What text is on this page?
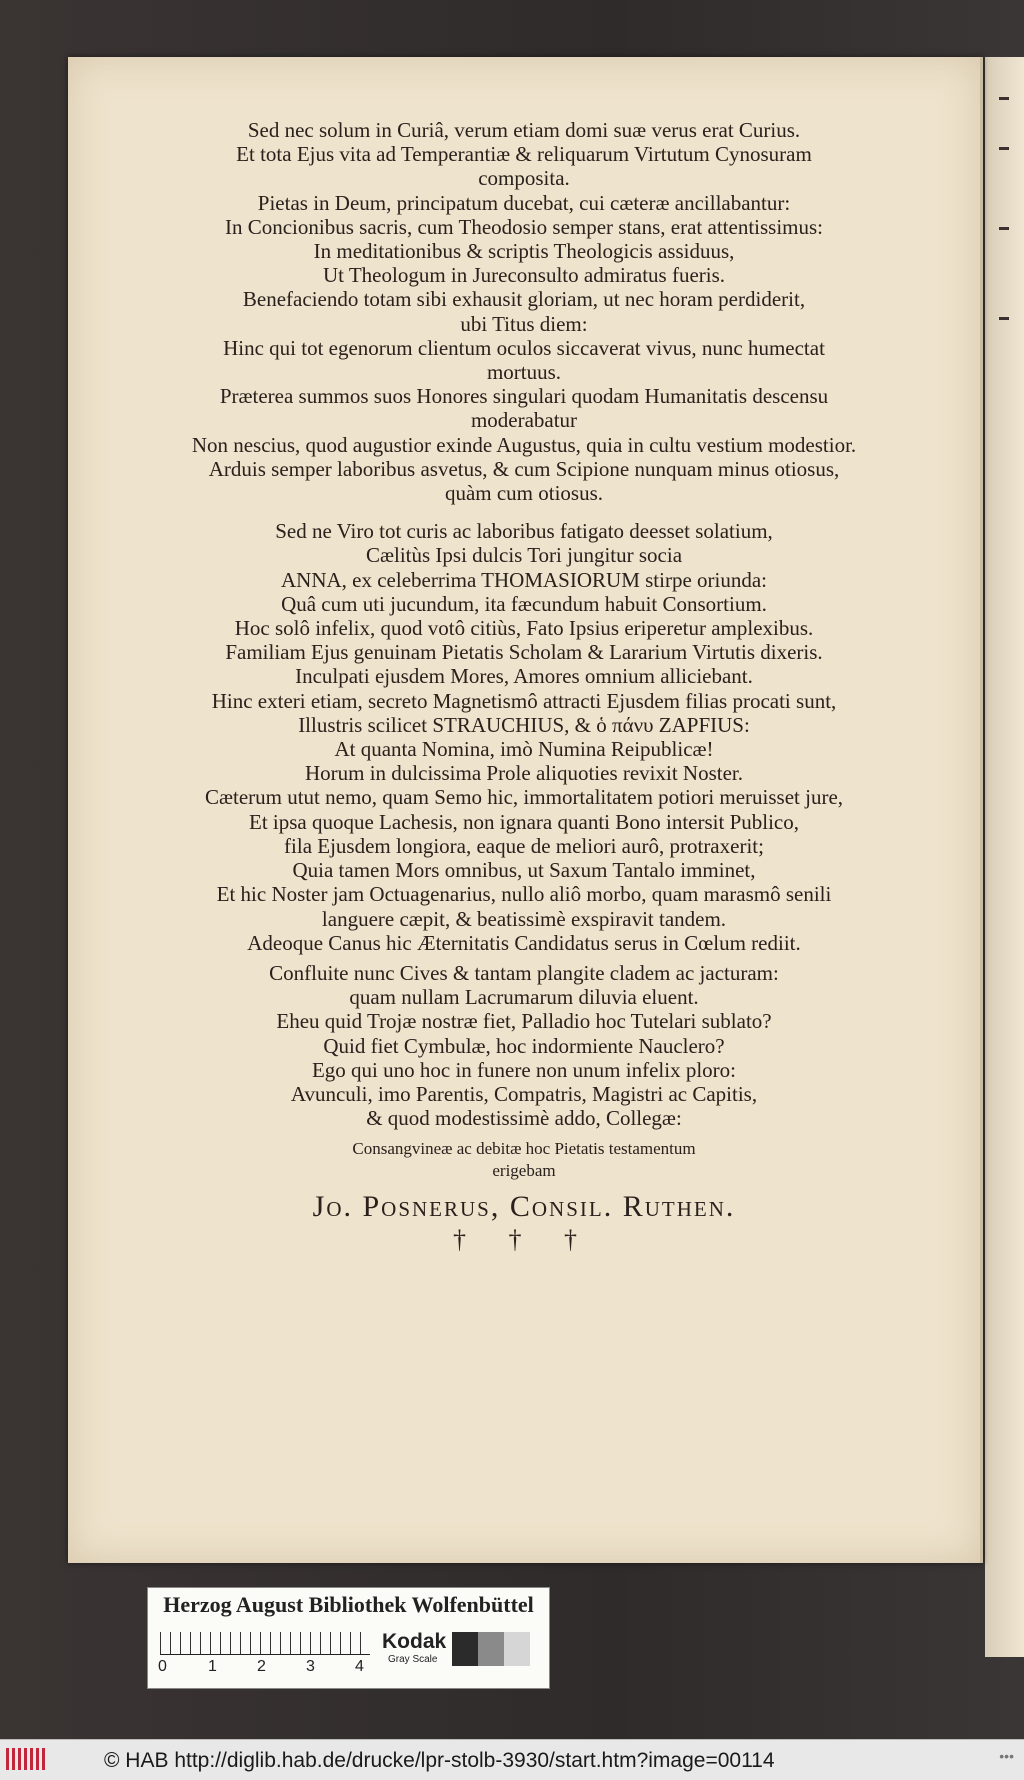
Sed nec solum in Curiâ, verum etiam domi suæ verus erat Curius.
Et tota Ejus vita ad Temperantiæ & reliquarum Virtutum Cynosuram
composita.
Pietas in Deum, principatum ducebat, cui cæteræ ancillabantur:
In Concionibus sacris, cum Theodosio semper stans, erat attentissimus:
In meditationibus & scriptis Theologicis assiduus,
Ut Theologum in Jureconsulto admiratus fueris.
Benefaciendo totam sibi exhausit gloriam, ut nec horam perdiderit,
ubi Titus diem:
Hinc qui tot egenorum clientum oculos siccaverat vivus, nunc humectat
mortuus.
Præterea summos suos Honores singulari quodam Humanitatis descensu
moderabatur
Non nescius, quod augustior exinde Augustus, quia in cultu vestium modestior.
Arduis semper laboribus asvetus, & cum Scipione nunquam minus otiosus,
quàm cum otiosus.
Sed ne Viro tot curis ac laboribus fatigato deesset solatium,
Cælitùs Ipsi dulcis Tori jungitur socia
ANNA, ex celeberrima THOMASIORUM stirpe oriunda:
Quâ cum uti jucundum, ita fæcundum habuit Consortium.
Hoc solô infelix, quod votô citiùs, Fato Ipsius eriperetur amplexibus.
Familiam Ejus genuinam Pietatis Scholam & Lararium Virtutis dixeris.
Inculpati ejusdem Mores, Amores omnium alliciebant.
Hinc exteri etiam, secreto Magnetismô attracti Ejusdem filias procati sunt,
Illustris scilicet STRAUCHIUS, & ὁ πάνυ ZAPFIUS:
At quanta Nomina, imò Numina Reipublicæ!
Horum in dulcissima Prole aliquoties revixit Noster.
Cæterum utut nemo, quam Semo hic, immortalitatem potiori meruisset jure,
Et ipsa quoque Lachesis, non ignara quanti Bono intersit Publico,
fila Ejusdem longiora, eaque de meliori aurô, protraxerit;
Quia tamen Mors omnibus, ut Saxum Tantalo imminet,
Et hic Noster jam Octuagenarius, nullo aliô morbo, quam marasmô senili
languere cæpit, & beatissimè exspiravit tandem.
Adeoque Canus hic Æternitatis Candidatus serus in Cœlum rediit.
Confluite nunc Cives & tantam plangite cladem ac jacturam:
quam nullam Lacrumarum diluvia eluent.
Eheu quid Trojæ nostræ fiet, Palladio hoc Tutelari sublato?
Quid fiet Cymbulæ, hoc indormiente Nauclero?
Ego qui uno hoc in funere non unum infelix ploro:
Avunculi, imo Parentis, Compatris, Magistri ac Capitis,
& quod modestissimè addo, Collegæ:
Consangvineæ ac debitæ hoc Pietatis testamentum
erigebam
Jo. Posnerus, Consil. Ruthen.
† † †
Herzog August Bibliothek Wolfenbüttel
0	1	2	3	4
Kodak
Gray Scale
© HAB http://diglib.hab.de/drucke/lpr-stolb-3930/start.htm?image=00114	•••
